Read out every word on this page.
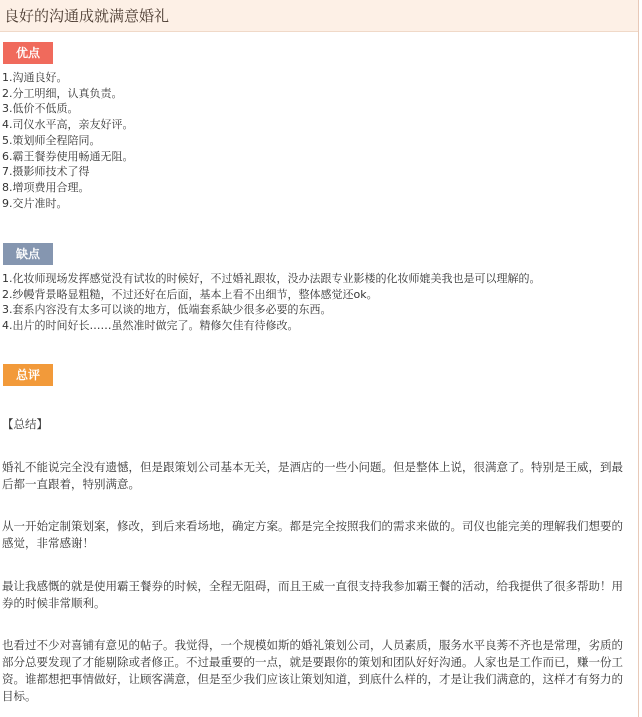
良好的沟通成就满意婚礼
优点
1.沟通良好。
2.分工明细，认真负责。
3.低价不低质。
4.司仪水平高，亲友好评。
5.策划师全程陪同。
6.霸王餐券使用畅通无阻。
7.摄影师技术了得
8.增项费用合理。
9.交片准时。
缺点
1.化妆师现场发挥感觉没有试妆的时候好，不过婚礼跟妆，没办法跟专业影楼的化妆师媲美我也是可以理解的。
2.纱幔背景略显粗糙，不过还好在后面，基本上看不出细节，整体感觉还ok。
3.套系内容没有太多可以谈的地方，低端套系缺少很多必要的东西。
4.出片的时间好长……虽然准时做完了。精修欠佳有待修改。
总评

【总结】

婚礼不能说完全没有遗憾，但是跟策划公司基本无关，是酒店的一些小问题。但是整体上说，很满意了。特别是王威，到最后都一直跟着，特别满意。

从一开始定制策划案，修改，到后来看场地，确定方案。都是完全按照我们的需求来做的。司仪也能完美的理解我们想要的感觉，非常感谢！

最让我感慨的就是使用霸王餐券的时候，全程无阻碍，而且王威一直很支持我参加霸王餐的活动，给我提供了很多帮助！用券的时候非常顺利。

也看过不少对喜铺有意见的帖子。我觉得，一个规模如斯的婚礼策划公司，人员素质，服务水平良莠不齐也是常理，劣质的部分总要发现了才能剔除或者修正。不过最重要的一点，就是要跟你的策划和团队好好沟通。人家也是工作而已，赚一份工资。谁都想把事情做好，让顾客满意，但是至少我们应该让策划知道，到底什么样的，才是让我们满意的，这样才有努力的目标。
